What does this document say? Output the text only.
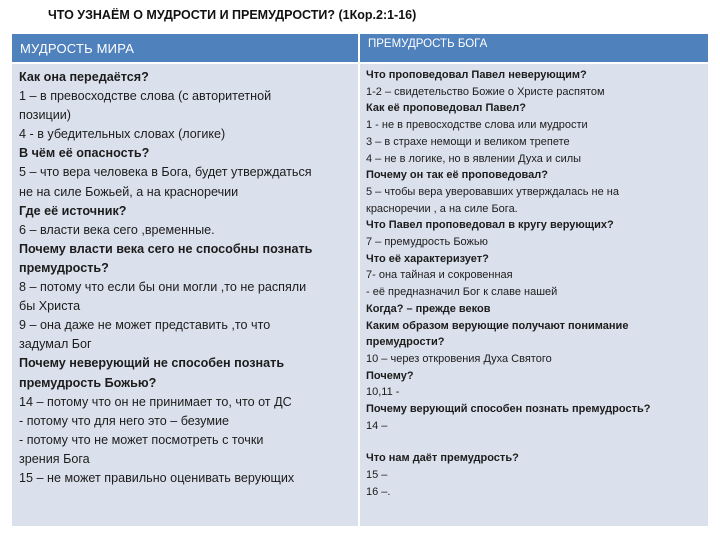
ЧТО УЗНАЁМ О МУДРОСТИ И ПРЕМУДРОСТИ? (1Кор.2:1-16)
МУДРОСТЬ МИРА	ПРЕМУДРОСТЬ БОГА
Как она передаётся?
1 – в превосходстве слова (с авторитетной
позиции)
4 - в убедительных словах (логике)
В чём её опасность?
5 – что вера человека в Бога, будет утверждаться
не на силе Божьей, а на красноречии
Где её источник?
6 – власти века сего ,временные.
Почему власти века сего не способны познать
премудрость?
8 – потому что если бы они могли ,то не распяли
бы Христа
9 – она даже не может представить ,то что
задумал Бог
Почему неверующий не способен познать
премудрость Божью?
14 – потому что он не принимает то, что от ДС
- потому что для него это – безумие
- потому что не может посмотреть с точки
зрения Бога
15 – не может правильно оценивать верующих
Что проповедовал Павел неверующим?
1-2 – свидетельство Божие о Христе распятом
Как её проповедовал Павел?
1 - не в превосходстве слова или мудрости
3 – в страхе немощи и великом трепете
4 – не в логике, но в явлении Духа и силы
Почему он так её проповедовал?
5 – чтобы вера уверовавших утверждалась не на
красноречии , а на силе Бога.
Что Павел проповедовал в кругу верующих?
7 – премудрость Божью
Что её характеризует?
7- она тайная и сокровенная
- её предназначил Бог к славе нашей
Когда? – прежде веков
Каким образом верующие получают понимание
премудрости?
10 – через откровения Духа Святого
Почему?
10,11 -
Почему верующий способен познать премудрость?
14 –
Что нам даёт премудрость?
15 –
16 –.
